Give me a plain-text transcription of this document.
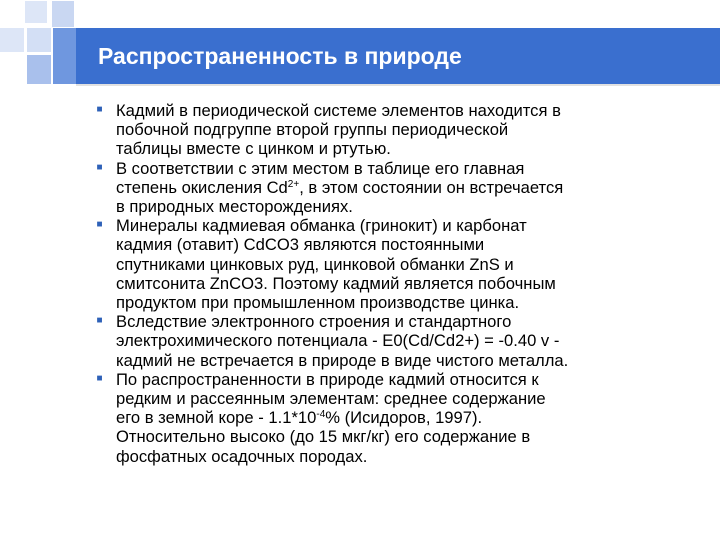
Распространенность в природе
■ Кадмий в периодической системе элементов находится в
побочной подгруппе второй группы периодической
таблицы вместе с цинком и ртутью.
■ В соответствии с этим местом в таблице его главная
степень окисления $Cd^{2+}$, в этом состоянии он встречается
в природных месторождениях.
■ Минералы кадмиевая обманка (гринокит) и карбонат
кадмия (отавит) CdCO3 являются постоянными
спутниками цинковых руд, цинковой обманки ZnS и
смитсонита ZnCO3. Поэтому кадмий является побочным
продуктом при промышленном производстве цинка.
■ Вследствие электронного строения и стандартного
электрохимического потенциала - E0(Cd/Cd2+) = -0.40 v -
кадмий не встречается в природе в виде чистого металла.
■ По распространенности в природе кадмий относится к
редким и рассеянным элементам: среднее содержание
его в земной коре - $1.1*10^{-4}\%$ (Исидоров, 1997).
Относительно высоко (до 15 мкг/кг) его содержание в
фосфатных осадочных породах.
